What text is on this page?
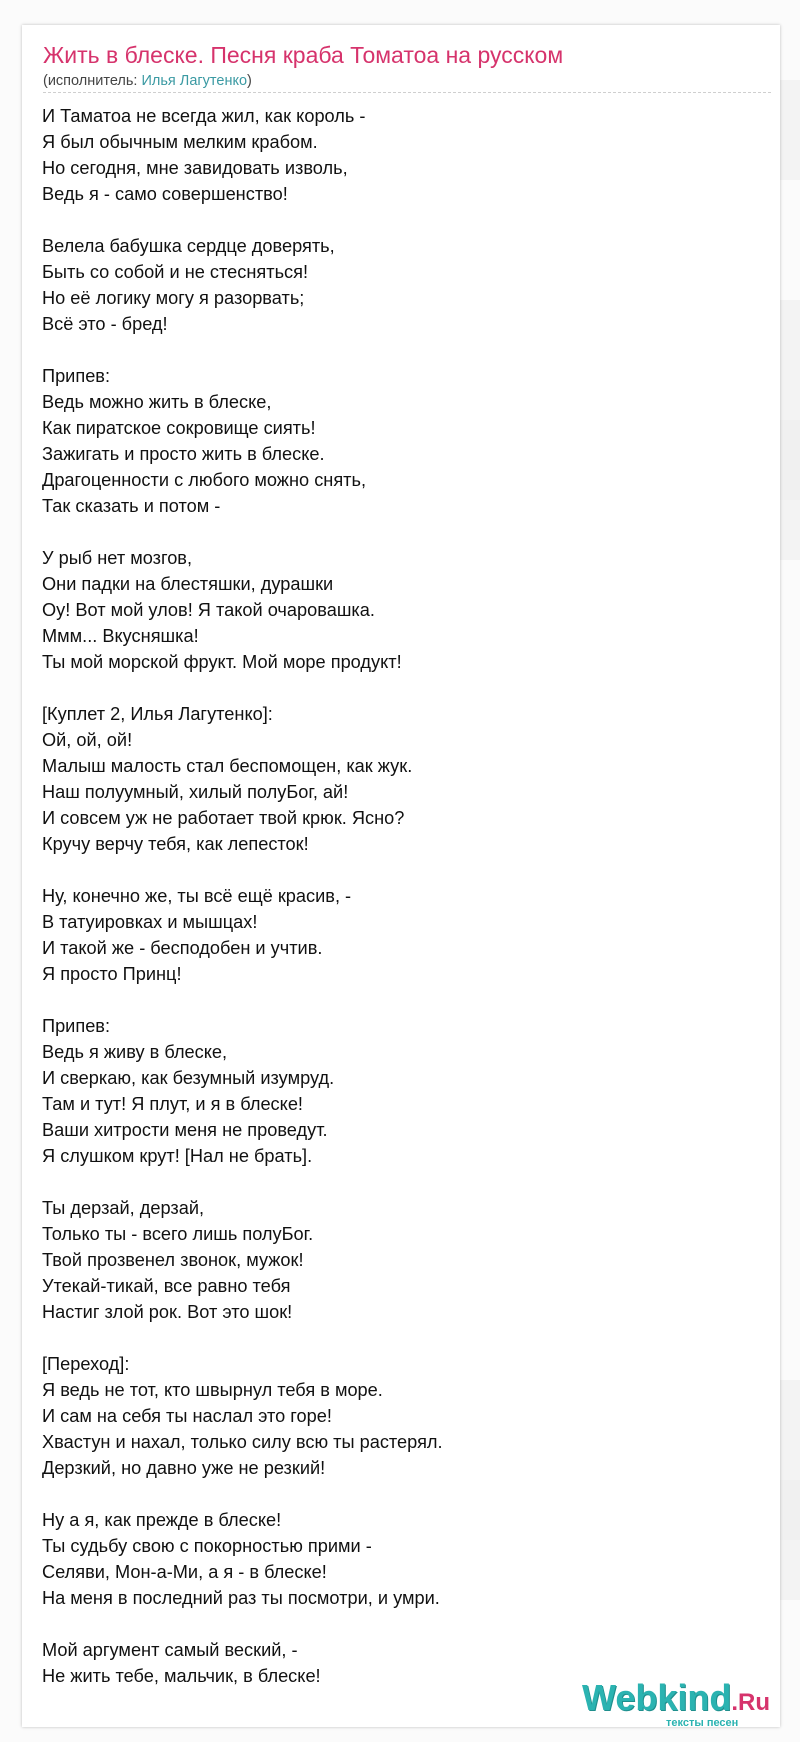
Жить в блеске. Песня краба Томатоа на русском
(исполнитель: Илья Лагутенко)
И Таматоа не всегда жил, как король -
Я был обычным мелким крабом.
Но сегодня, мне завидовать изволь,
Ведь я - само совершенство!
Велела бабушка сердце доверять,
Быть со собой и не стесняться!
Но её логику могу я разорвать;
Всё это - бред!
Припев:
Ведь можно жить в блеске,
Как пиратское сокровище сиять!
Зажигать и просто жить в блеске.
Драгоценности с любого можно снять,
Так сказать и потом -
У рыб нет мозгов,
Они падки на блестяшки, дурашки
Оу! Вот мой улов! Я такой очаровашка.
Ммм... Вкусняшка!
Ты мой морской фрукт. Мой море продукт!
[Куплет 2, Илья Лагутенко]:
Ой, ой, ой!
Малыш малость стал беспомощен, как жук.
Наш полуумный, хилый полуБог, ай!
И совсем уж не работает твой крюк. Ясно?
Кручу верчу тебя, как лепесток!
Ну, конечно же, ты всё ещё красив, -
В татуировках и мышцах!
И такой же - бесподобен и учтив.
Я просто Принц!
Припев:
Ведь я живу в блеске,
И сверкаю, как безумный изумруд.
Там и тут! Я плут, и я в блеске!
Ваши хитрости меня не проведут.
Я слушком крут! [Нал не брать].
Ты дерзай, дерзай,
Только ты - всего лишь полуБог.
Твой прозвенел звонок, мужок!
Утекай-тикай, все равно тебя
Настиг злой рок. Вот это шок!
[Переход]:
Я ведь не тот, кто швырнул тебя в море.
И сам на себя ты наслал это горе!
Хвастун и нахал, только силу всю ты растерял.
Дерзкий, но давно уже не резкий!
Ну а я, как прежде в блеске!
Ты судьбу свою с покорностью прими -
Селяви, Мон-а-Ми, а я - в блеске!
На меня в последний раз ты посмотри, и умри.
Мой аргумент самый веский, -
Не жить тебе, мальчик, в блеске!
Webkind.Ru
тексты песен
